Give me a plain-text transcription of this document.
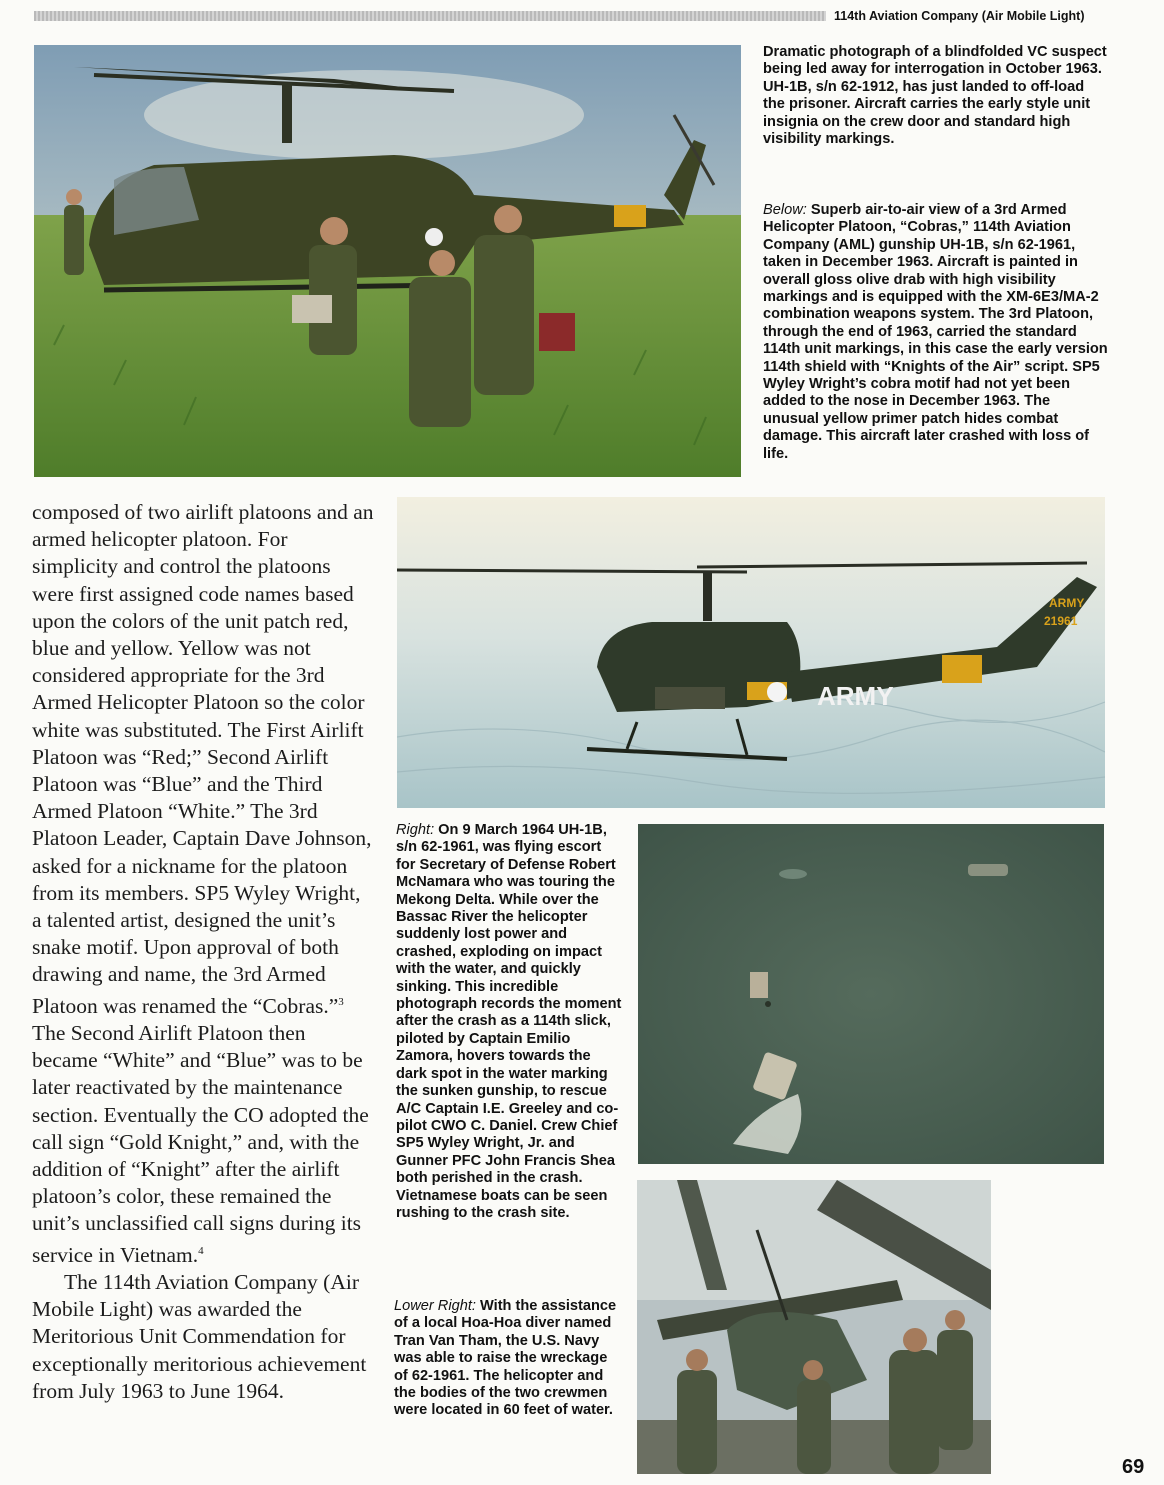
114th Aviation Company (Air Mobile Light)

Dramatic photograph of a blindfolded VC suspect being led away for interrogation in October 1963. UH-1B, s/n 62-1912, has just landed to off-load the prisoner. Aircraft carries the early style unit insignia on the crew door and standard high visibility markings.

Below: Superb air-to-air view of a 3rd Armed Helicopter Platoon, “Cobras,” 114th Aviation Company (AML) gunship UH-1B, s/n 62-1961, taken in December 1963. Aircraft is painted in overall gloss olive drab with high visibility markings and is equipped with the XM-6E3/MA-2 combination weapons system. The 3rd Platoon, through the end of 1963, carried the standard 114th unit markings, in this case the early version 114th shield with “Knights of the Air” script. SP5 Wyley Wright’s cobra motif had not yet been added to the nose in December 1963. The unusual yellow primer patch hides combat damage. This aircraft later crashed with loss of life.

ARMY
ARMY
21961

Right: On 9 March 1964 UH-1B, s/n 62-1961, was flying escort for Secretary of Defense Robert McNamara who was touring the Mekong Delta. While over the Bassac River the helicopter suddenly lost power and crashed, exploding on impact with the water, and quickly sinking. This incredible photograph records the moment after the crash as a 114th slick, piloted by Captain Emilio Zamora, hovers towards the dark spot in the water marking the sunken gunship, to rescue A/C Captain I.E. Greeley and co-pilot CWO C. Daniel. Crew Chief SP5 Wyley Wright, Jr. and Gunner PFC John Francis Shea both perished in the crash. Vietnamese boats can be seen rushing to the crash site.

Lower Right: With the assistance of a local Hoa-Hoa diver named Tran Van Tham, the U.S. Navy was able to raise the wreckage of 62-1961. The helicopter and the bodies of the two crewmen were located in 60 feet of water.

composed of two airlift platoons and an armed helicopter platoon. For simplicity and control the platoons were first assigned code names based upon the colors of the unit patch red, blue and yellow. Yellow was not considered appropriate for the 3rd Armed Helicopter Platoon so the color white was substituted. The First Airlift Platoon was “Red;” Second Airlift Platoon was “Blue” and the Third Armed Platoon “White.” The 3rd Platoon Leader, Captain Dave Johnson, asked for a nickname for the platoon from its members. SP5 Wyley Wright, a talented artist, designed the unit’s snake motif. Upon approval of both drawing and name, the 3rd Armed Platoon was renamed the “Cobras.”$^3$ The Second Airlift Platoon then became “White” and “Blue” was to be later reactivated by the maintenance section. Eventually the CO adopted the call sign “Gold Knight,” and, with the addition of “Knight” after the airlift platoon’s color, these remained the unit’s unclassified call signs during its service in Vietnam.$^4$

The 114th Aviation Company (Air Mobile Light) was awarded the Meritorious Unit Commendation for exceptionally meritorious achievement from July 1963 to June 1964.

69
